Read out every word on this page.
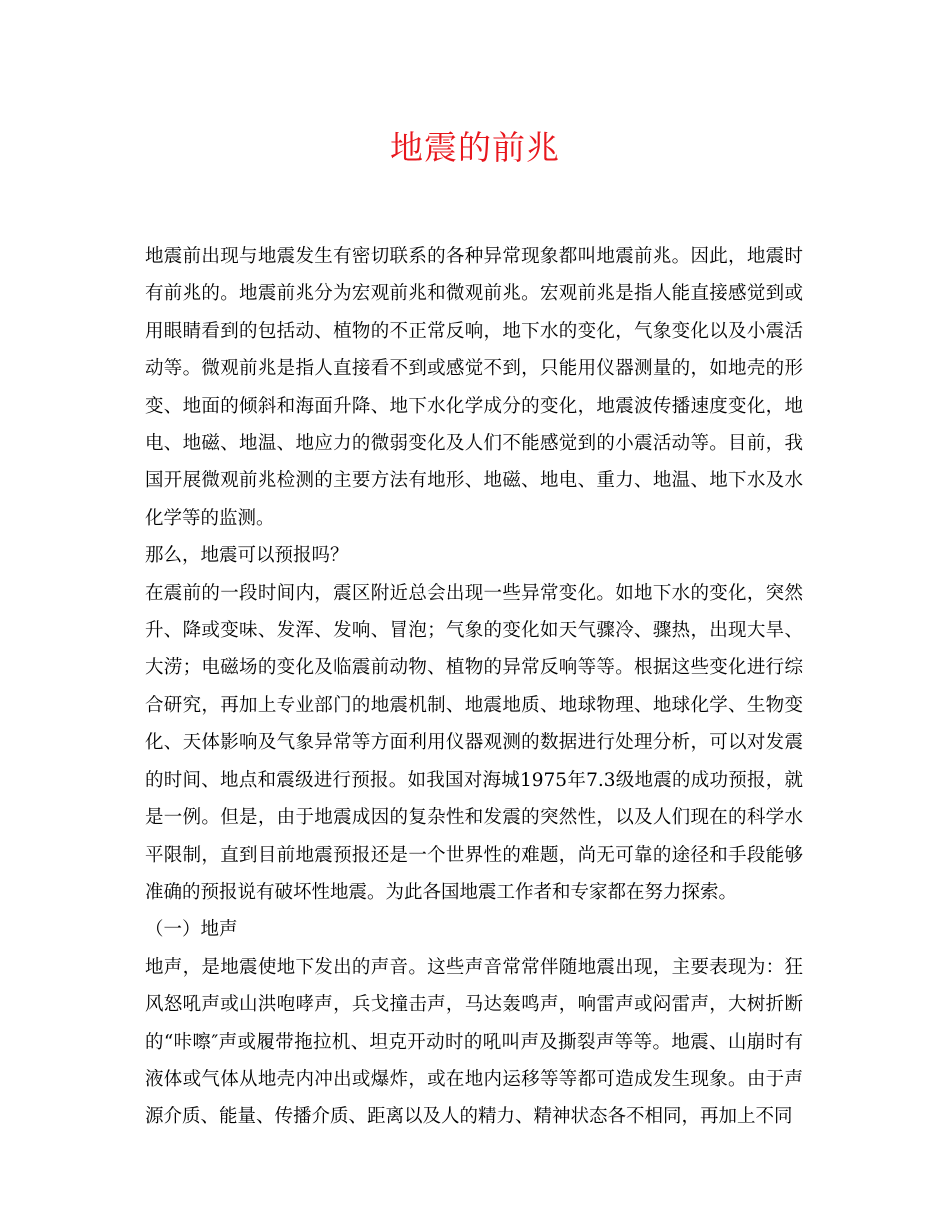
地震的前兆

地震前出现与地震发生有密切联系的各种异常现象都叫地震前兆。因此，地震时有前兆的。地震前兆分为宏观前兆和微观前兆。宏观前兆是指人能直接感觉到或用眼睛看到的包括动、植物的不正常反响，地下水的变化，气象变化以及小震活动等。微观前兆是指人直接看不到或感觉不到，只能用仪器测量的，如地壳的形变、地面的倾斜和海面升降、地下水化学成分的变化，地震波传播速度变化，地电、地磁、地温、地应力的微弱变化及人们不能感觉到的小震活动等。目前，我国开展微观前兆检测的主要方法有地形、地磁、地电、重力、地温、地下水及水化学等的监测。

那么，地震可以预报吗？

在震前的一段时间内，震区附近总会出现一些异常变化。如地下水的变化，突然升、降或变味、发浑、发响、冒泡；气象的变化如天气骤冷、骤热，出现大旱、大涝；电磁场的变化及临震前动物、植物的异常反响等等。根据这些变化进行综合研究，再加上专业部门的地震机制、地震地质、地球物理、地球化学、生物变化、天体影响及气象异常等方面利用仪器观测的数据进行处理分析，可以对发震的时间、地点和震级进行预报。如我国对海城1975年7.3级地震的成功预报，就是一例。但是，由于地震成因的复杂性和发震的突然性，以及人们现在的科学水平限制，直到目前地震预报还是一个世界性的难题，尚无可靠的途径和手段能够准确的预报说有破坏性地震。为此各国地震工作者和专家都在努力探索。

（一）地声

地声，是地震使地下发出的声音。这些声音常常伴随地震出现，主要表现为：狂风怒吼声或山洪咆哮声，兵戈撞击声，马达轰鸣声，响雷声或闷雷声，大树折断的“咔嚓″声或履带拖拉机、坦克开动时的吼叫声及撕裂声等等。地震、山崩时有液体或气体从地壳内冲出或爆炸，或在地内运移等等都可造成发生现象。由于声源介质、能量、传播介质、距离以及人的精力、精神状态各不相同，再加上不同
